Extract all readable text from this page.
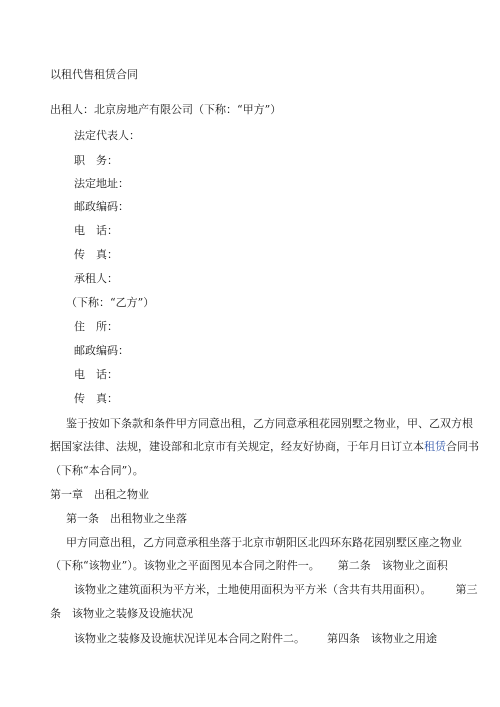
以租代售租赁合同
出租人：北京房地产有限公司（下称：“甲方”）
法定代表人：
职　务：
法定地址：
邮政编码：
电　话：
传　真：
承租人：
（下称：“乙方”）
住　所：
邮政编码：
电　话：
传　真：
鉴于按如下条款和条件甲方同意出租，乙方同意承租花园别墅之物业，甲、乙双方根
据国家法律、法规，建设部和北京市有关规定，经友好协商，于年月日订立本租赁合同书
（下称“本合同”）。
第一章　出租之物业
第一条　出租物业之坐落
甲方同意出租，乙方同意承租坐落于北京市朝阳区北四环东路花园别墅区座之物业
（下称“该物业”）。该物业之平面图见本合同之附件一。 第二条　该物业之面积
该物业之建筑面积为平方米，土地使用面积为平方米（含共有共用面积）。 第三
条　该物业之装修及设施状况
该物业之装修及设施状况详见本合同之附件二。 第四条　该物业之用途
